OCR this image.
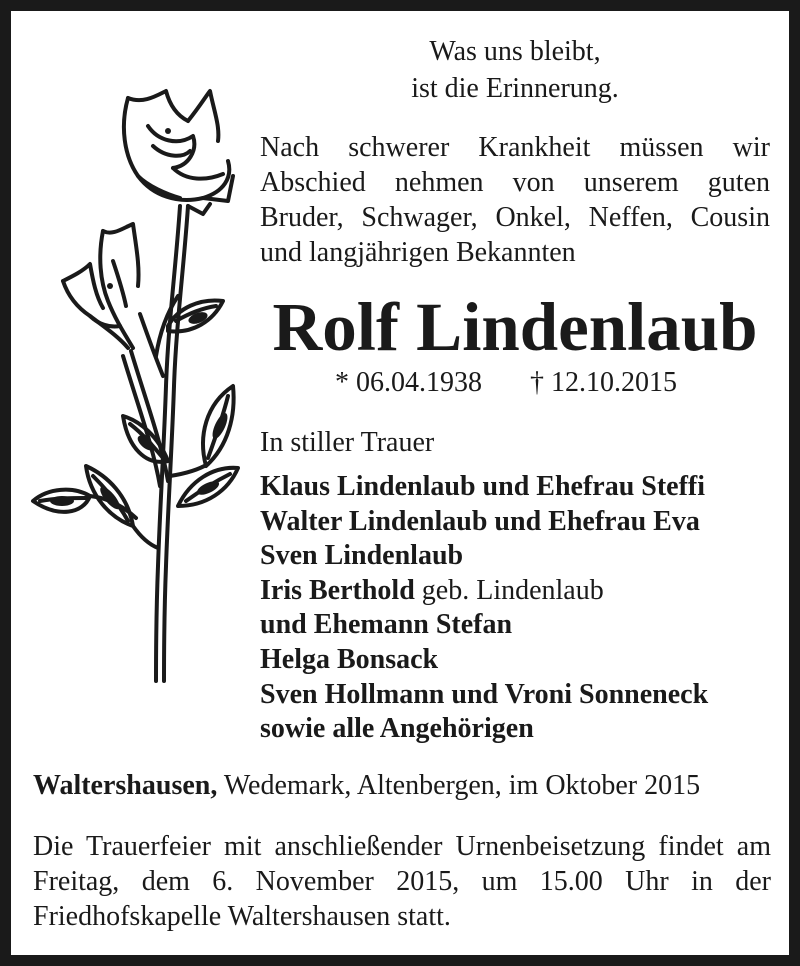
Was uns bleibt,
ist die Erinnerung.
Nach schwerer Krankheit müssen wir Abschied nehmen von unserem guten Bruder, Schwager, Onkel, Neffen, Cousin und langjährigen Bekannten
Rolf Lindenlaub
* 06.04.1938 † 12.10.2015
In stiller Trauer
Klaus Lindenlaub und Ehefrau Steffi
Walter Lindenlaub und Ehefrau Eva
Sven Lindenlaub
Iris Berthold geb. Lindenlaub
und Ehemann Stefan
Helga Bonsack
Sven Hollmann und Vroni Sonneneck
sowie alle Angehörigen
Waltershausen, Wedemark, Altenbergen, im Oktober 2015
Die Trauerfeier mit anschließender Urnenbeisetzung findet am Freitag, dem 6. November 2015, um 15.00 Uhr in der Friedhofskapelle Waltershausen statt.
